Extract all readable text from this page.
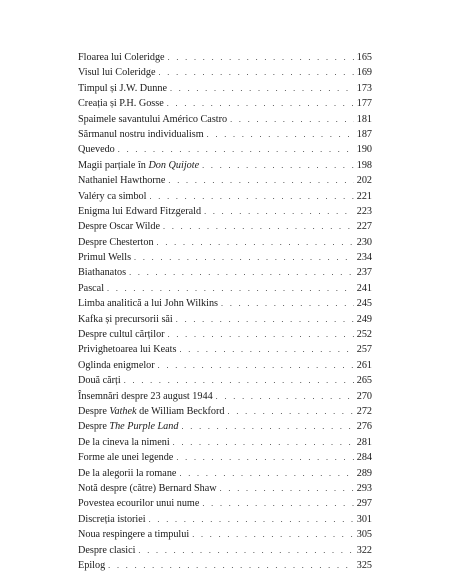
Floarea lui Coleridge . . .	165
Visul lui Coleridge . . .	169
Timpul și J.W. Dunne . . .	173
Creația și P.H. Gosse . . .	177
Spaimele savantului Américo Castro . . .	181
Sărmanul nostru individualism . . .	187
Quevedo . . .	190
Magii parțiale în Don Quijote . . .	198
Nathaniel Hawthorne . . .	202
Valéry ca simbol . . .	221
Enigma lui Edward Fitzgerald . . .	223
Despre Oscar Wilde . . .	227
Despre Chesterton . . .	230
Primul Wells . . .	234
Biathanatos . . .	237
Pascal . . .	241
Limba analitică a lui John Wilkins . . .	245
Kafka și precursorii săi . . .	249
Despre cultul cărților . . .	252
Privighetoarea lui Keats . . .	257
Oglinda enigmelor . . .	261
Două cărți . . .	265
Însemnări despre 23 august 1944 . . .	270
Despre Vathek de William Beckford . . .	272
Despre The Purple Land . . .	276
De la cineva la nimeni . . .	281
Forme ale unei legende . . .	284
De la alegorii la romane . . .	289
Notă despre (către) Bernard Shaw . . .	293
Povestea ecourilor unui nume . . .	297
Discreția istoriei . . .	301
Noua respingere a timpului . . .	305
Despre clasici . . .	322
Epilog . . .	325
